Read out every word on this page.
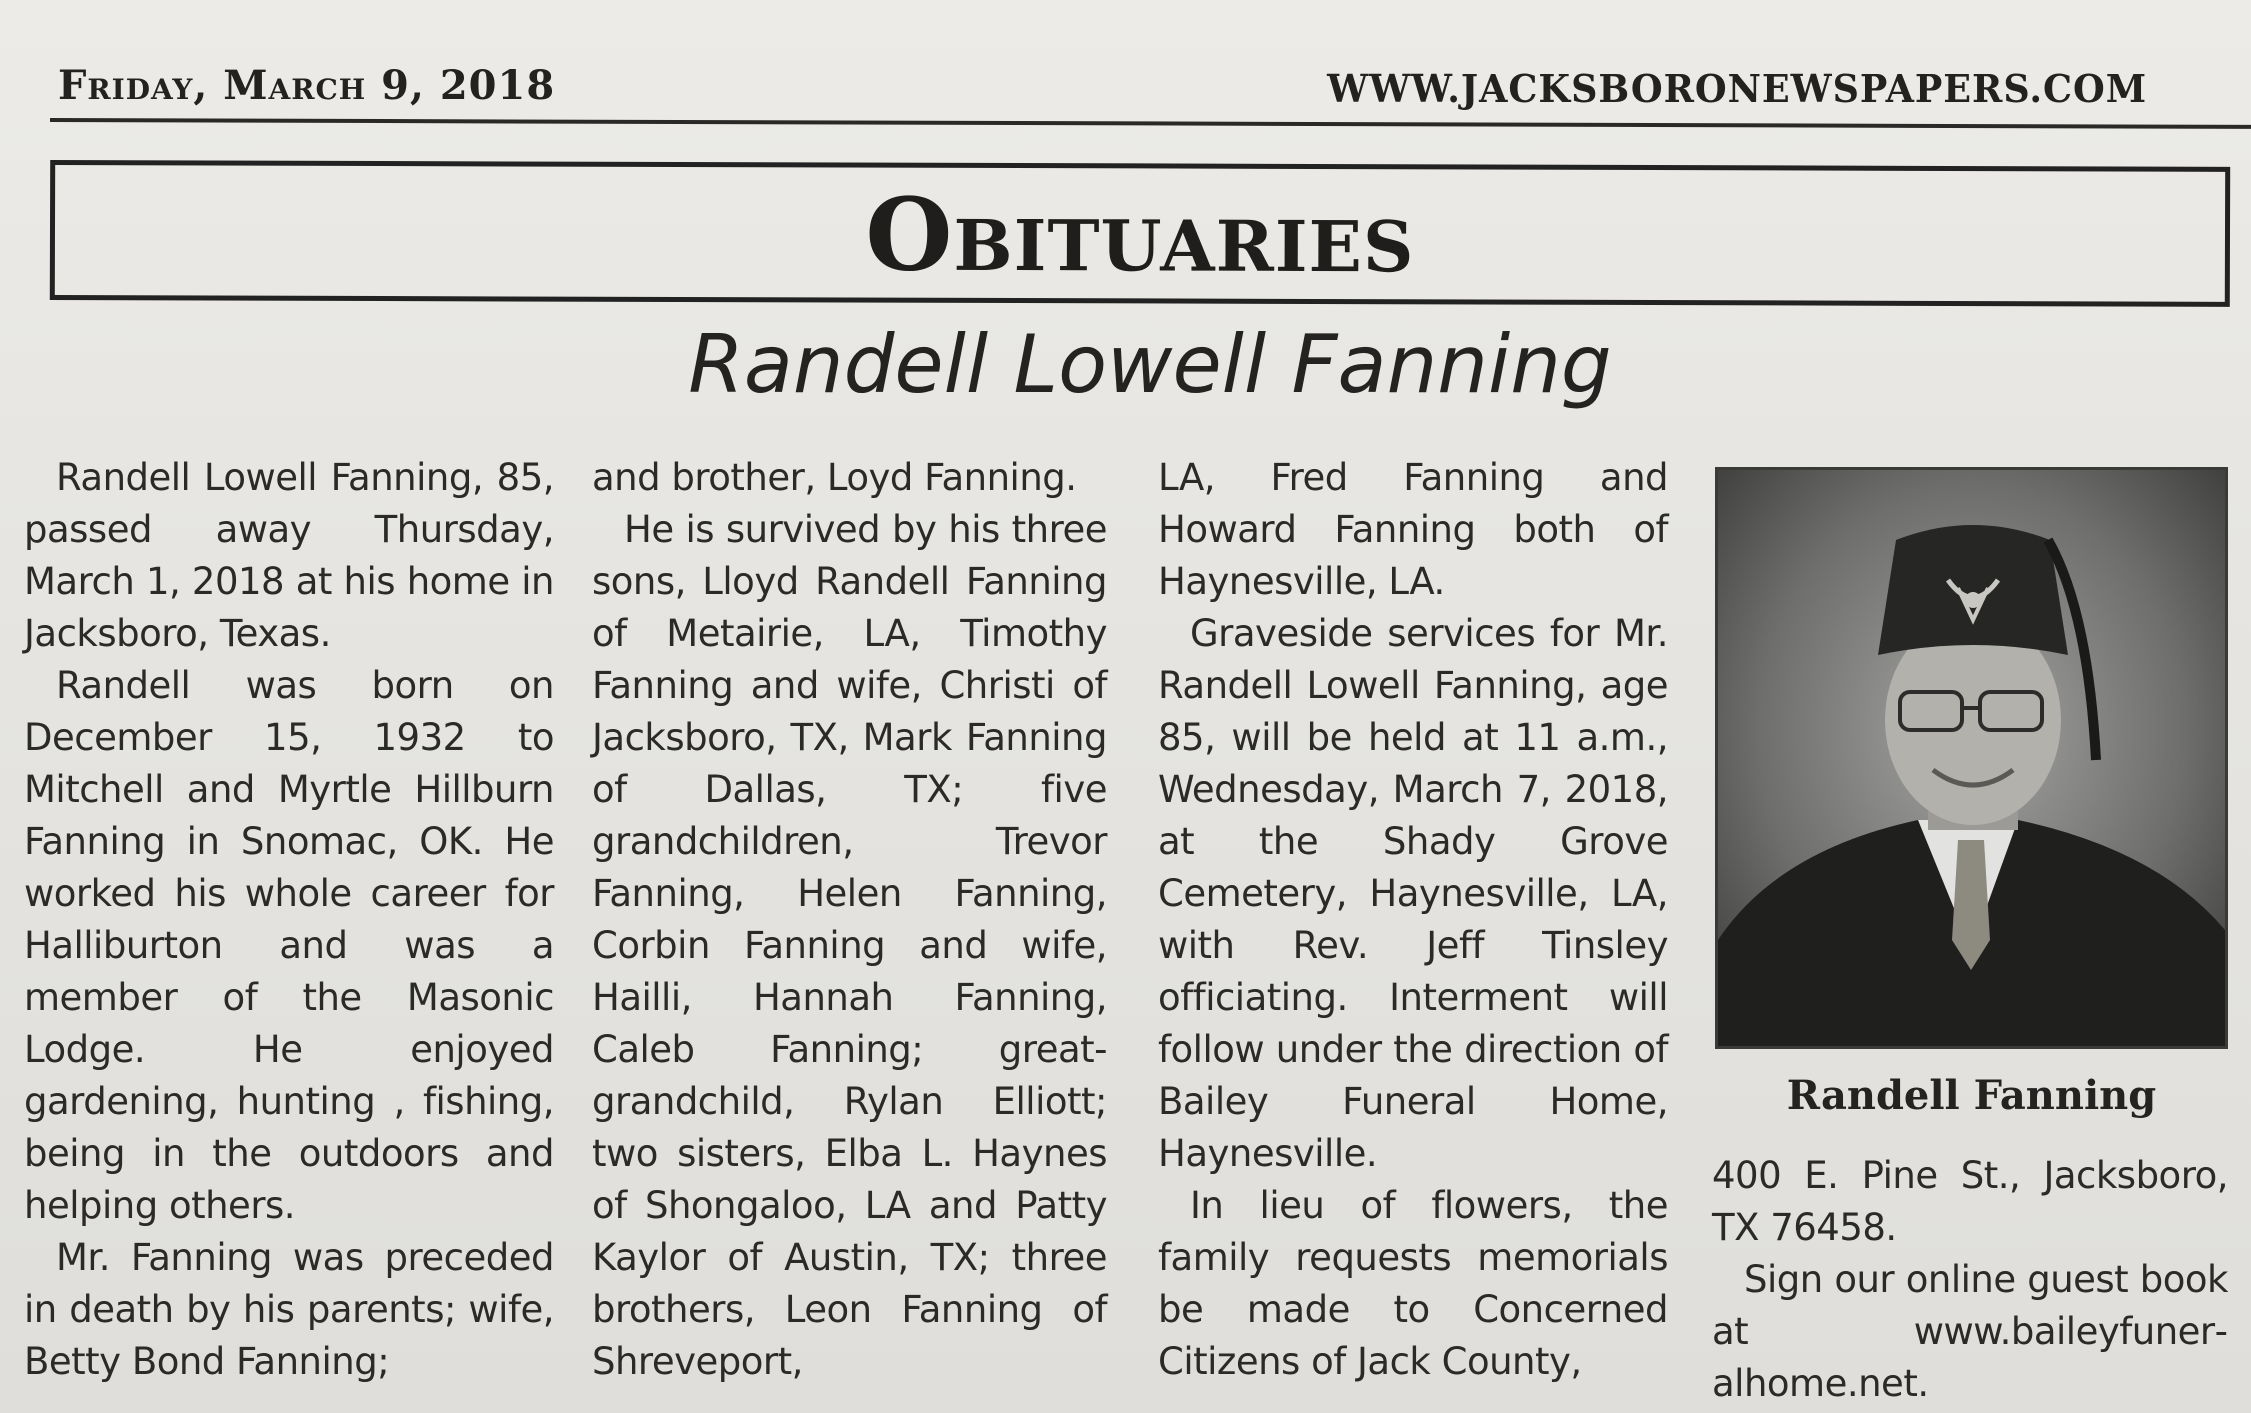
Friday, March 9, 2018	WWW.JACKSBORONEWSPAPERS.COM
Obituaries
Randell Lowell Fanning

Randell Lowell Fanning, 85, passed away Thursday, March 1, 2018 at his home in Jacksboro, Texas.

Randell was born on December 15, 1932 to Mitchell and Myrtle Hillburn Fanning in Snomac, OK. He worked his whole career for Halliburton and was a member of the Masonic Lodge. He enjoyed gardening, hunting , fishing, being in the outdoors and helping others.

Mr. Fanning was preceded in death by his parents; wife, Betty Bond Fanning;

and brother, Loyd Fanning.

He is survived by his three sons, Lloyd Randell Fanning of Metairie, LA, Timothy Fanning and wife, Christi of Jacksboro, TX, Mark Fanning of Dallas, TX; five grandchildren, Trevor Fanning, Helen Fanning, Corbin Fanning and wife, Hailli, Hannah Fanning, Caleb Fanning; great-grandchild, Rylan Elliott; two sisters, Elba L. Haynes of Shongaloo, LA and Patty Kaylor of Austin, TX; three brothers, Leon Fanning of Shreveport,

LA, Fred Fanning and Howard Fanning both of Haynesville, LA.

Graveside services for Mr. Randell Lowell Fanning, age 85, will be held at 11 a.m., Wednesday, March 7, 2018, at the Shady Grove Cemetery, Haynesville, LA, with Rev. Jeff Tinsley officiating. Interment will follow under the direction of Bailey Funeral Home, Haynesville.

In lieu of flowers, the family requests memorials be made to Concerned Citizens of Jack County,

Randell Fanning

400 E. Pine St., Jacksboro, TX 76458.

Sign our online guest book at www.baileyfuneralhome.net.
